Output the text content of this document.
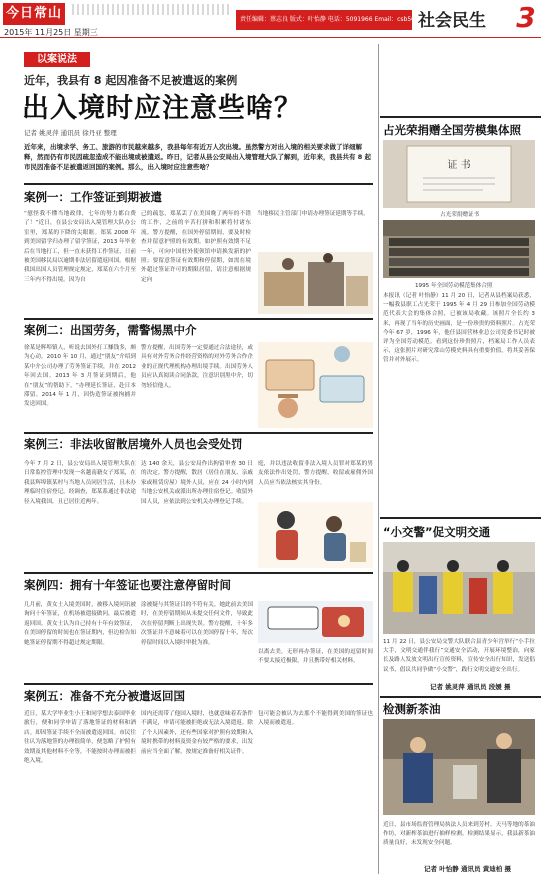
今日常山
2015年 11月25日 星期三
责任编辑：蔡志良 版式：叶怡静 电话：5091966 Email：csb5091777@163.com
社会民生 3
以案说法
近年，我县有 8 起因准备不足被遣返的案例
出入境时应注意些啥？
记者 姚灵萍 通讯员 徐丹亚 整理
近年来，出境求学、务工、旅游的市民越来越多，我县每年有近万人次出境。虽然警方对出入境的相关要求做了详细解释，然而仍有市民因疏忽造成不能出境或被遣返。昨日，记者从县公安局出入境管理大队了解到，近年来，我县共有 8 起市民因准备不足被遣返回国的案例。那么，出入境时应注意些啥？
案例一：工作签证到期被遣
“慰怪我不懂当地政律，七年的努力都白费了！”近日，在县公安局出入境管理大队办公室里，郑某的下降的尖眼眶。郑某 2008 年到美国留学归办理了留学签证，2013 年毕业后在当地打工，但一直未获得工作签证，日前被美国移民局以逾期非法居留遣返回国。根据我国出国人员管理规定规定，郑某在六个月至三年内不得出境。因为自
己的疏忽，郑某丢了在美国晚了两年的不错的工作，之前的辛苦打拼和积累将付诸东流。警方提醒，在国外停留期间，要及时检查并留意护照的有效期。如护照有效期不足一年，可向中国驻外使领馆申请换发新的护照；要留意签证有效期和停留期，如需在境外超过签证许可的期限居留，请注意根据规定向
当地移民主管部门申请办理签证延期等手续。
案例二：出国劳务，需警惕黑中介
徐某是辉埠镇人，听说去国外打工赚钱多，颇为心动。2010 年 10 月，通过“朋友”介绍到某中介公司办理了劳务签证手续，并在 2012 年回去国。2013 年 3 月签证到期后，他在“朋友”的帮助下，“办理延长签证，赴日本滞留。2014 年 1 月，因伪造签证被拘捕并发送回国。
警方提醒，出国劳务一定要通过合法途径，或具有对外劳务合作经营资格的对外劳务合作企业的正规代理机构办理出境手续。出国劳务人员应认真阅读合同条款，注意识别黑中介，切勿轻信他人。
案例三：非法收留散居境外人员也会受处罚
今年 7 月 2 日，县公安局出入境管理大队在日常监控管理中发现一名越南籍女子郑某，在我县辉埠镇某村与当地人员同居生活，且未办理临时住宿登记。经调查，郑某系通过非法途径入境我国，且已居住近两年。
达 140 余天，县公安局作出拘留审查 30 日的决定。警方提醒，散居（居住在朋友、亲戚家或租赁房屋）境外人员，应在 24 小时内到当地公安机关或派出所办理住宿登记。收留外国人员，应依法到公安机关办理登记手续。
庭，并以违法收留非法入境人员罪对郑某的男友依法作出处罚，警方提醒，收留或雇佣外国人员应当依法核实其身份。
案例四：拥有十年签证也要注意停留时间
几月前，黄女士入境美国时，被移入境问讯被询问十年签证，在机场被遣接做问，最后被遣返回国。黄女士认为自己持有十年有效签证，在美国停留的时间也在签证期内，但边检告知她签证停留期不得超过规定期限。
涂被疑与其签证目的不符有关。她此前去美国时，在美停留期间从未提交任何文件，导致此次在停留判断上出现失误。警方提醒，十年多次签证并不意味着可以在美国停留十年，每次停留时间以入境时审批为准。
以离去美，无形再办签证，在美国的逗留时间不要太接近极限，并且携带好相关材料。
案例五：准备不充分被遣返回国
近日，某大学毕业生小王和同学想去泰国毕业旅行，便和同学申请了落地签证的材料和酒店。却因签证手续不全而被遣返回国。市民往往认为落地签的办理很简单，便忽略了护照有效期及其他材料不全等，不能按时办理而被拒绝入境。
国内还需带了他国入境时，也就意味着若条件不满足，申请可能被拒绝或无法入境遣返。除了个人因素外，还有些国家对护照有效期和入境时携带的材料及资金有较严格的要求，出发前应当全面了解，按规定准备好相关证件。
包可能会被认为去那个不能得到美国的签证也入境而被遣返。
占光荣捐赠全国劳模集体照
证 书
占光荣捐赠证书
1995 年全国劳动模范集体合照
本报讯（记者 叶怡静）11 月 20 日，记者从县档案局获悉，一幅我县职工占光荣于 1995 年 4 月 29 日参加全国劳动模范代表大会的集体合照，已被该局收藏。该照片全长约 3 米，再现了当年的历史画面，是一份珍贵的资料照片。占光荣今年 67 岁，1996 年，他任县国营林业总公司党委书记时被评为全国劳动模范。看到这份珍贵照片，档案局工作人员表示，这张照片对研究常山劳模史料具有重要价值，将其妥善保管并对外展示。
“小交警”促文明交通
11 月 22 日，县公安局交警大队联合县青少年宫举行“小手拉大手，文明交通伴我行”交通安全活动，开展环境整治，向家长及路人发放文明出行宣传资料，宣传安全出行知识，发送倡议书，倡议共同争做“小交警”，践行文明交通安全出行。
记者 姚灵萍 通讯员 段媛 摄
检测新茶油
近日，县市场监督管理局执法人员来到芳村、天马等地的茶油作坊，对新榨茶油进行抽样检测。检测结果显示，我县新茶油质量良好，未发现安全问题。
记者 叶怡静 通讯员 黄迪柏 摄
